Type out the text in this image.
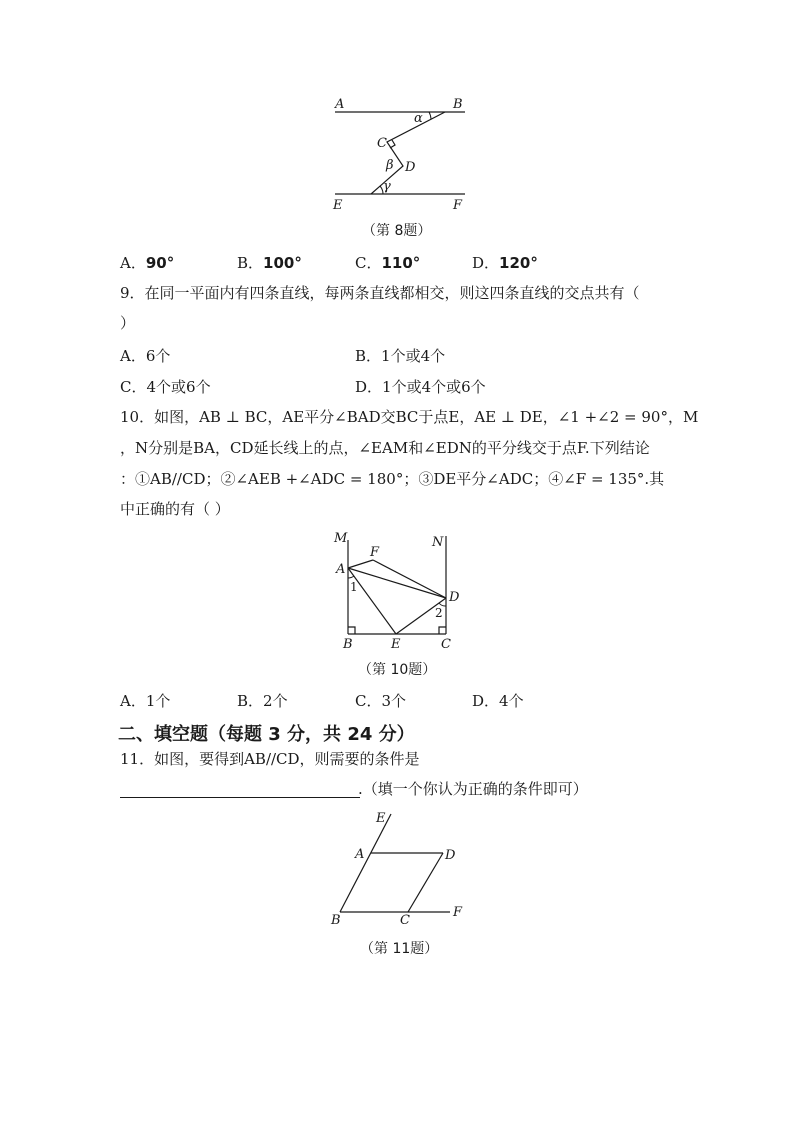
A	B
α
C
β D
γ
E	F
（第 8题）
A．90°	B．100°	C．110°	D．120°
9．在同一平面内有四条直线，每两条直线都相交，则这四条直线的交点共有（
）
A．6个	B．1个或4个
C．4个或6个	D．1个或4个或6个
10．如图，AB ⊥ BC，AE平分∠BAD交BC于点E，AE ⊥ DE，∠1 +∠2 = 90°，M
，N分别是BA，CD延长线上的点，∠EAM和∠EDN的平分线交于点F.下列结论
：①AB//CD；②∠AEB +∠ADC = 180°；③DE平分∠ADC；④∠F = 135°.其
中正确的有（ ）
M	N
F
A
1
D
2
B	E	C
（第 10题）
A．1个	B．2个	C．3个	D．4个
二、填空题（每题 3 分，共 24 分）
11．如图，要得到AB//CD，则需要的条件是
.（填一个你认为正确的条件即可）
E
A	D
B	C
F
（第 11题）
